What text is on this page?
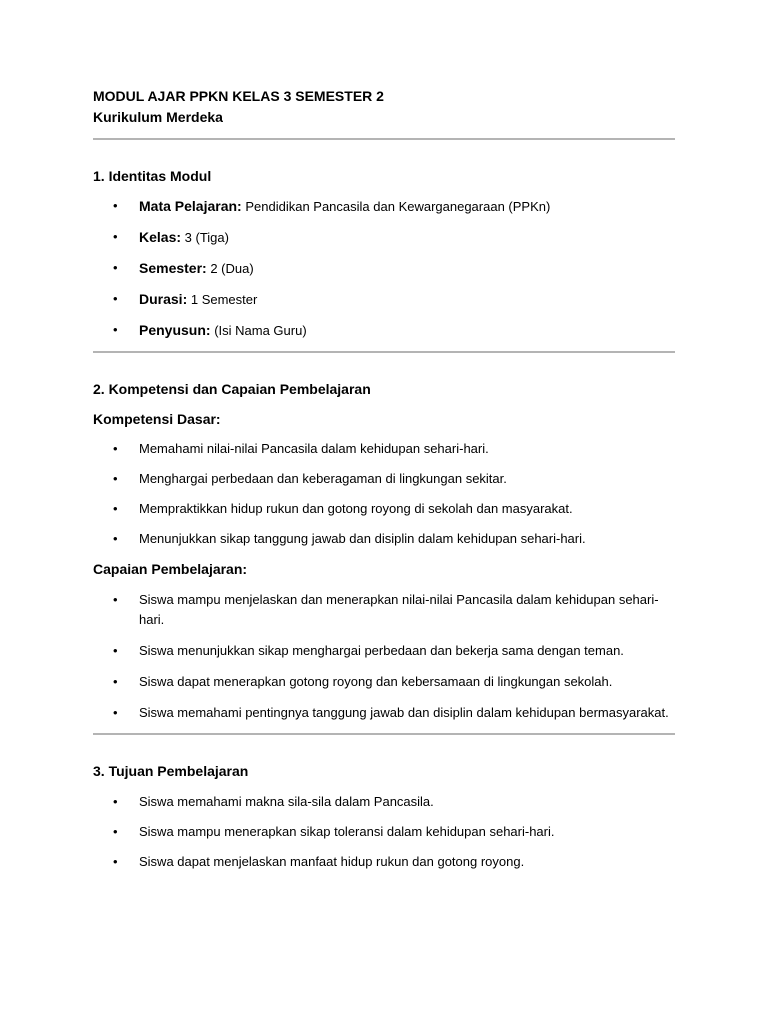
MODUL AJAR PPKN KELAS 3 SEMESTER 2
Kurikulum Merdeka
1. Identitas Modul
• Mata Pelajaran: Pendidikan Pancasila dan Kewarganegaraan (PPKn)
• Kelas: 3 (Tiga)
• Semester: 2 (Dua)
• Durasi: 1 Semester
• Penyusun: (Isi Nama Guru)
2. Kompetensi dan Capaian Pembelajaran
Kompetensi Dasar:
• Memahami nilai-nilai Pancasila dalam kehidupan sehari-hari.
• Menghargai perbedaan dan keberagaman di lingkungan sekitar.
• Mempraktikkan hidup rukun dan gotong royong di sekolah dan masyarakat.
• Menunjukkan sikap tanggung jawab dan disiplin dalam kehidupan sehari-hari.
Capaian Pembelajaran:
• Siswa mampu menjelaskan dan menerapkan nilai-nilai Pancasila dalam kehidupan sehari-hari.
• Siswa menunjukkan sikap menghargai perbedaan dan bekerja sama dengan teman.
• Siswa dapat menerapkan gotong royong dan kebersamaan di lingkungan sekolah.
• Siswa memahami pentingnya tanggung jawab dan disiplin dalam kehidupan bermasyarakat.
3. Tujuan Pembelajaran
• Siswa memahami makna sila-sila dalam Pancasila.
• Siswa mampu menerapkan sikap toleransi dalam kehidupan sehari-hari.
• Siswa dapat menjelaskan manfaat hidup rukun dan gotong royong.
